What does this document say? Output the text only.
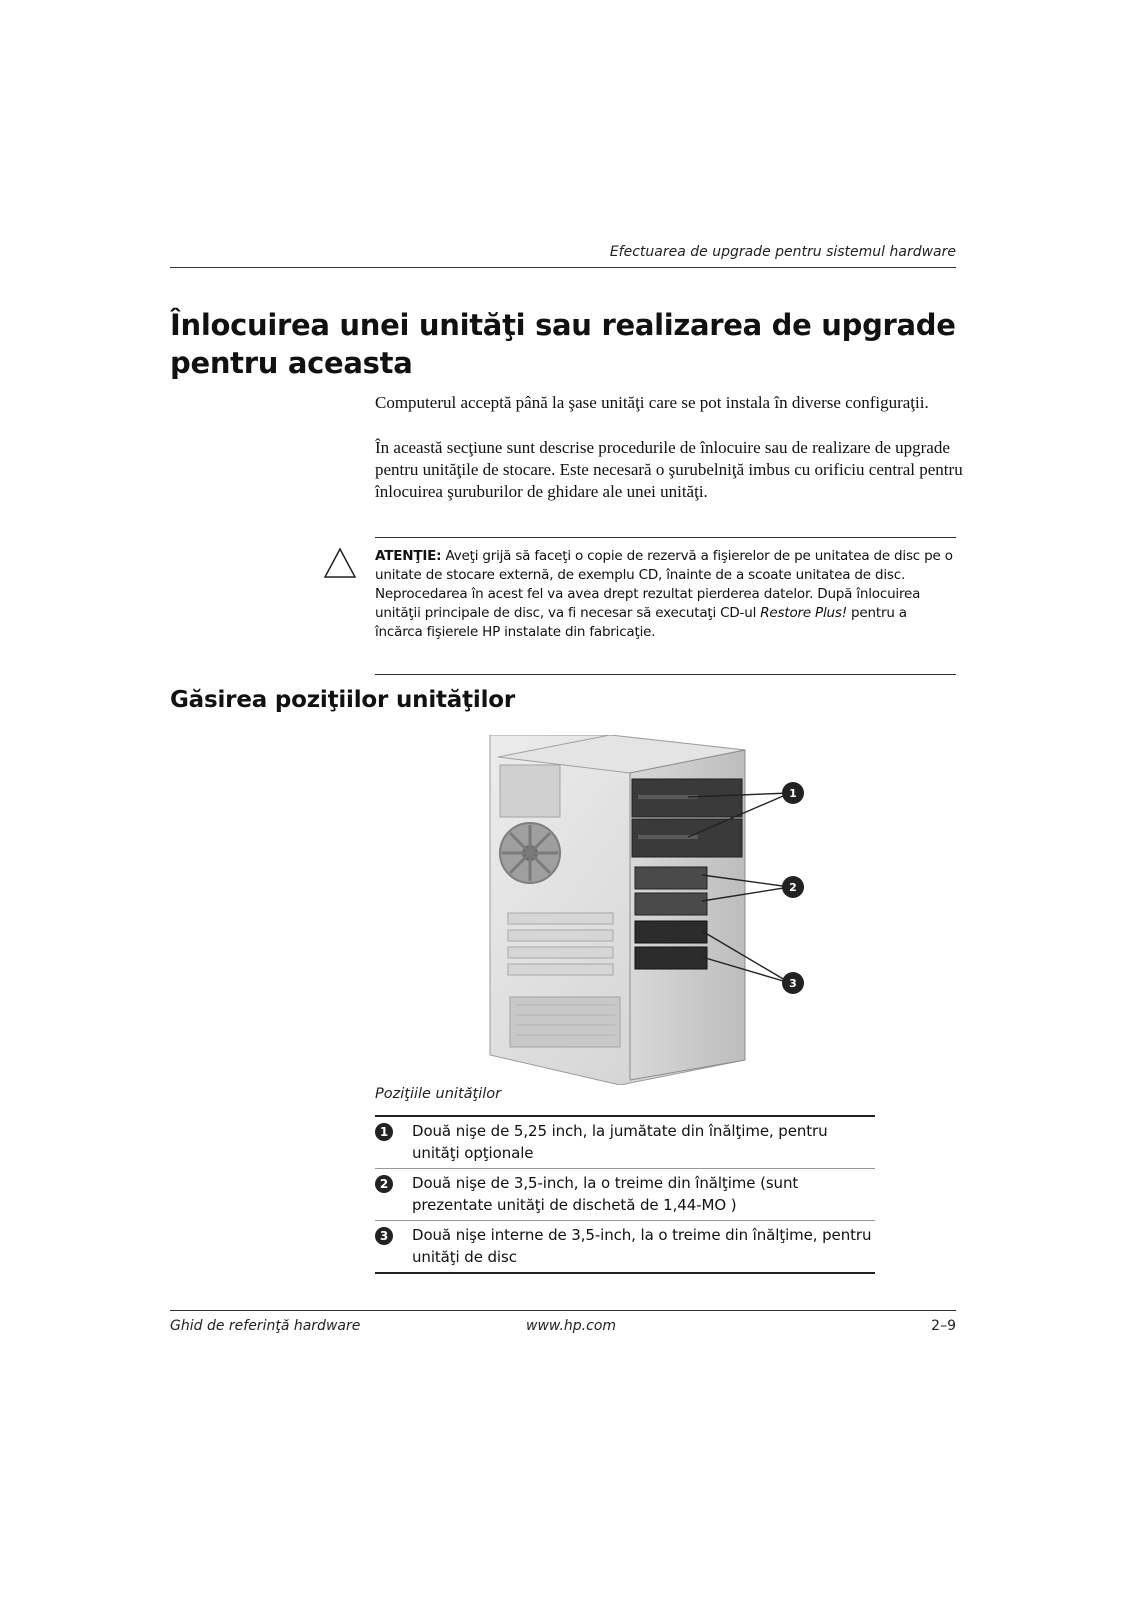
Efectuarea de upgrade pentru sistemul hardware
Înlocuirea unei unităţi sau realizarea de upgrade pentru aceasta

Computerul acceptă până la şase unităţi care se pot instala în diverse configuraţii.

În această secţiune sunt descrise procedurile de înlocuire sau de realizare de upgrade pentru unităţile de stocare. Este necesară o şurubelniţă imbus cu orificiu central pentru înlocuirea şuruburilor de ghidare ale unei unităţi.

ATENŢIE: Aveţi grijă să faceţi o copie de rezervă a fişierelor de pe unitatea de disc pe o unitate de stocare externă, de exemplu CD, înainte de a scoate unitatea de disc. Neprocedarea în acest fel va avea drept rezultat pierderea datelor. După înlocuirea unităţii principale de disc, va fi necesar să executaţi CD-ul Restore Plus! pentru a încărca fişierele HP instalate din fabricaţie.

Găsirea poziţiilor unităţilor
1
2
3
Poziţiile unităţilor
1	Două nişe de 5,25 inch, la jumătate din înălţime, pentru unităţi opţionale
2	Două nişe de 3,5-inch, la o treime din înălţime (sunt prezentate unităţi de dischetă de 1,44-MO )
3	Două nişe interne de 3,5-inch, la o treime din înălţime, pentru unităţi de disc
Ghid de referinţă hardware	www.hp.com	2–9
